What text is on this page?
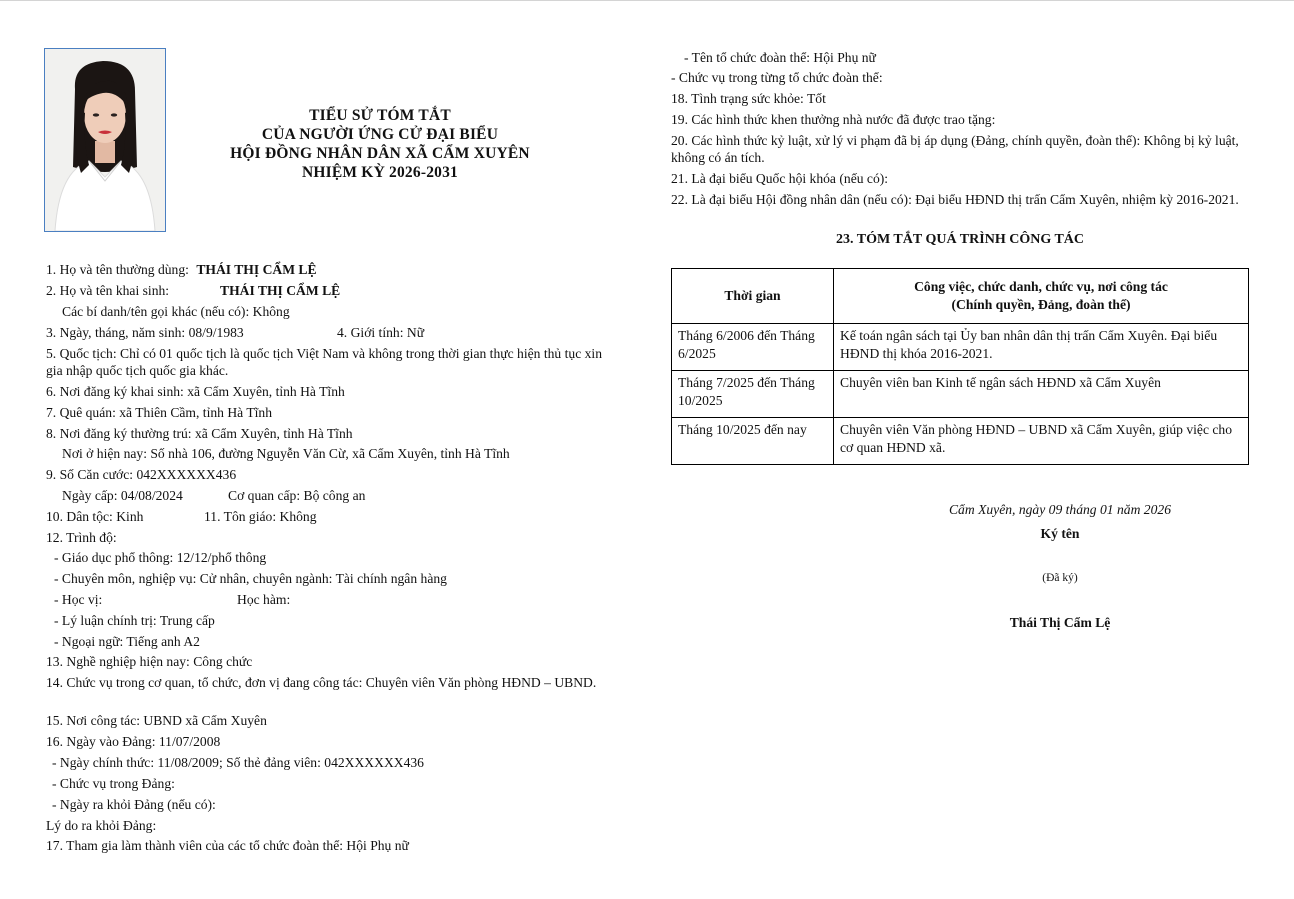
TIỂU SỬ TÓM TẮT
CỦA NGƯỜI ỨNG CỬ ĐẠI BIỂU
HỘI ĐỒNG NHÂN DÂN XÃ CẨM XUYÊN
NHIỆM KỲ 2026-2031
1. Họ và tên thường dùng: THÁI THỊ CẨM LỆ
2. Họ và tên khai sinh:	THÁI THỊ CẨM LỆ
Các bí danh/tên gọi khác (nếu có): Không
3. Ngày, tháng, năm sinh: 08/9/1983	4. Giới tính: Nữ
5. Quốc tịch: Chỉ có 01 quốc tịch là quốc tịch Việt Nam và không trong thời gian thực hiện thủ tục xin gia nhập quốc tịch quốc gia khác.
6. Nơi đăng ký khai sinh: xã Cẩm Xuyên, tỉnh Hà Tĩnh
7. Quê quán: xã Thiên Cầm, tỉnh Hà Tĩnh
8. Nơi đăng ký thường trú: xã Cẩm Xuyên, tỉnh Hà Tĩnh
Nơi ở hiện nay: Số nhà 106, đường Nguyễn Văn Cừ, xã Cẩm Xuyên, tỉnh Hà Tĩnh
9. Số Căn cước: 042XXXXXX436
Ngày cấp: 04/08/2024	Cơ quan cấp: Bộ công an
10. Dân tộc: Kinh	11. Tôn giáo: Không
12. Trình độ:
- Giáo dục phổ thông: 12/12/phổ thông
- Chuyên môn, nghiệp vụ: Cử nhân, chuyên ngành: Tài chính ngân hàng
- Học vị:	Học hàm:
- Lý luận chính trị: Trung cấp
- Ngoại ngữ: Tiếng anh A2
13. Nghề nghiệp hiện nay: Công chức
14. Chức vụ trong cơ quan, tổ chức, đơn vị đang công tác: Chuyên viên Văn phòng HĐND – UBND.
15. Nơi công tác: UBND xã Cẩm Xuyên
16. Ngày vào Đảng: 11/07/2008
- Ngày chính thức: 11/08/2009; Số thẻ đảng viên: 042XXXXXX436
- Chức vụ trong Đảng:
- Ngày ra khỏi Đảng (nếu có):
Lý do ra khỏi Đảng:
17. Tham gia làm thành viên của các tổ chức đoàn thể: Hội Phụ nữ
- Tên tổ chức đoàn thể: Hội Phụ nữ
- Chức vụ trong từng tổ chức đoàn thể:
18. Tình trạng sức khỏe: Tốt
19. Các hình thức khen thưởng nhà nước đã được trao tặng:
20. Các hình thức kỷ luật, xử lý vi phạm đã bị áp dụng (Đảng, chính quyền, đoàn thể): Không bị kỷ luật, không có án tích.
21. Là đại biểu Quốc hội khóa (nếu có):
22. Là đại biểu Hội đồng nhân dân (nếu có): Đại biểu HĐND thị trấn Cẩm Xuyên, nhiệm kỳ 2016-2021.
23. TÓM TẮT QUÁ TRÌNH CÔNG TÁC
Thời gian	Công việc, chức danh, chức vụ, nơi công tác
(Chính quyền, Đảng, đoàn thể)

Tháng 6/2006 đến Tháng 6/2025	Kế toán ngân sách tại Ủy ban nhân dân thị trấn Cẩm Xuyên. Đại biểu HĐND thị khóa 2016-2021.
Tháng 7/2025 đến Tháng 10/2025	Chuyên viên ban Kinh tế ngân sách HĐND xã Cẩm Xuyên
Tháng 10/2025 đến nay	Chuyên viên Văn phòng HĐND – UBND xã Cẩm Xuyên, giúp việc cho cơ quan HĐND xã.
Cẩm Xuyên, ngày 09 tháng 01 năm 2026
Ký tên
(Đã ký)
Thái Thị Cẩm Lệ
